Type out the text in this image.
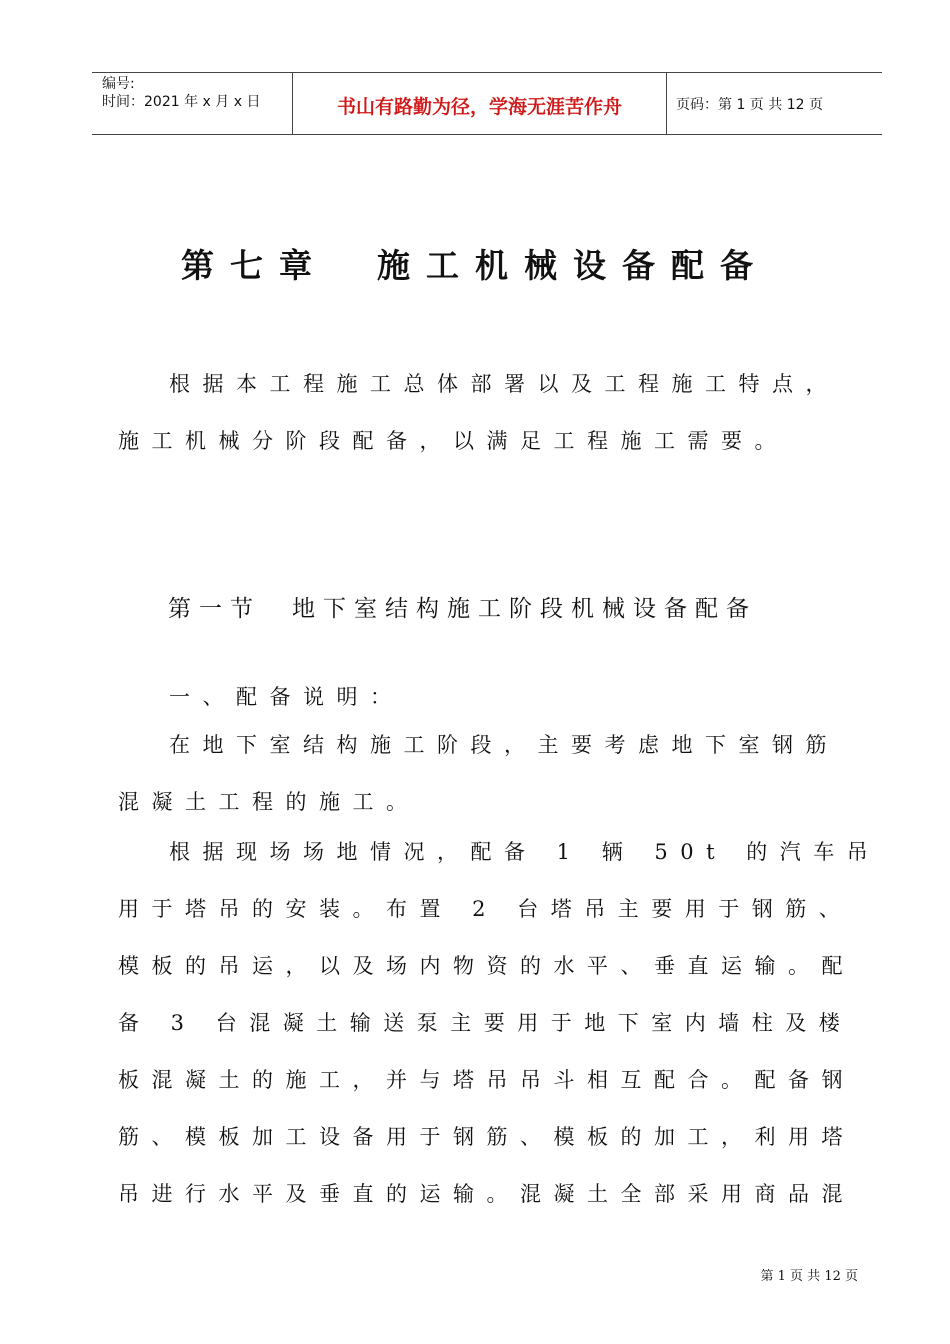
编号:
时间：2021 年 x 月 x 日	书山有路勤为径，学海无涯苦作舟	页码：第 1 页 共 12 页
第七章　施工机械设备配备
根据本工程施工总体部署以及工程施工特点，
施工机械分阶段配备，以满足工程施工需要。
第一节　地下室结构施工阶段机械设备配备
一、配备说明：
在地下室结构施工阶段，主要考虑地下室钢筋
混凝土工程的施工。
根据现场场地情况，配备 1 辆 50t 的汽车吊
用于塔吊的安装。布置 2 台塔吊主要用于钢筋、
模板的吊运，以及场内物资的水平、垂直运输。配
备 3 台混凝土输送泵主要用于地下室内墙柱及楼
板混凝土的施工，并与塔吊吊斗相互配合。配备钢
筋、模板加工设备用于钢筋、模板的加工，利用塔
吊进行水平及垂直的运输。混凝土全部采用商品混
第 1 页 共 12 页
